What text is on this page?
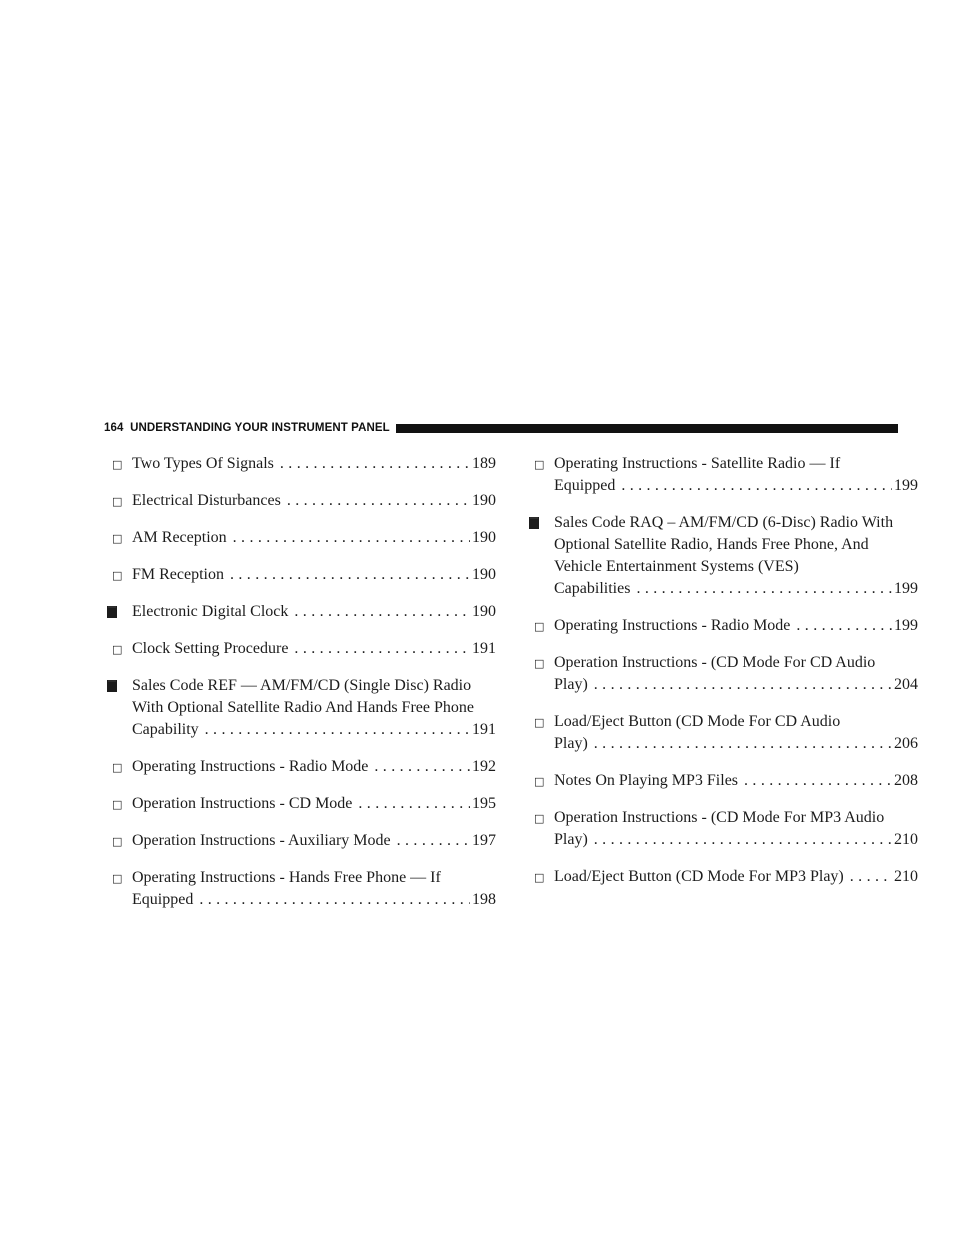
164 UNDERSTANDING YOUR INSTRUMENT PANEL
□ Two Types Of Signals .....	189
□ Electrical Disturbances .....	190
□ AM Reception .....	190
□ FM Reception .....	190
Electronic Digital Clock .....	190
□ Clock Setting Procedure .....	191
Sales Code REF — AM/FM/CD (Single Disc) Radio
With Optional Satellite Radio And Hands Free Phone
Capability .....	191
□ Operating Instructions - Radio Mode .....	192
□ Operation Instructions - CD Mode .....	195
□ Operation Instructions - Auxiliary Mode .....	197
□ Operating Instructions - Hands Free Phone — If
Equipped .....	198
□ Operating Instructions - Satellite Radio — If
Equipped .....	199
Sales Code RAQ – AM/FM/CD (6-Disc) Radio With
Optional Satellite Radio, Hands Free Phone, And
Vehicle Entertainment Systems (VES)
Capabilities .....	199
□ Operating Instructions - Radio Mode .....	199
□ Operation Instructions - (CD Mode For CD Audio
Play) .....	204
□ Load/Eject Button (CD Mode For CD Audio
Play) .....	206
□ Notes On Playing MP3 Files .....	208
□ Operation Instructions - (CD Mode For MP3 Audio
Play) .....	210
□ Load/Eject Button (CD Mode For MP3 Play) .....	210
